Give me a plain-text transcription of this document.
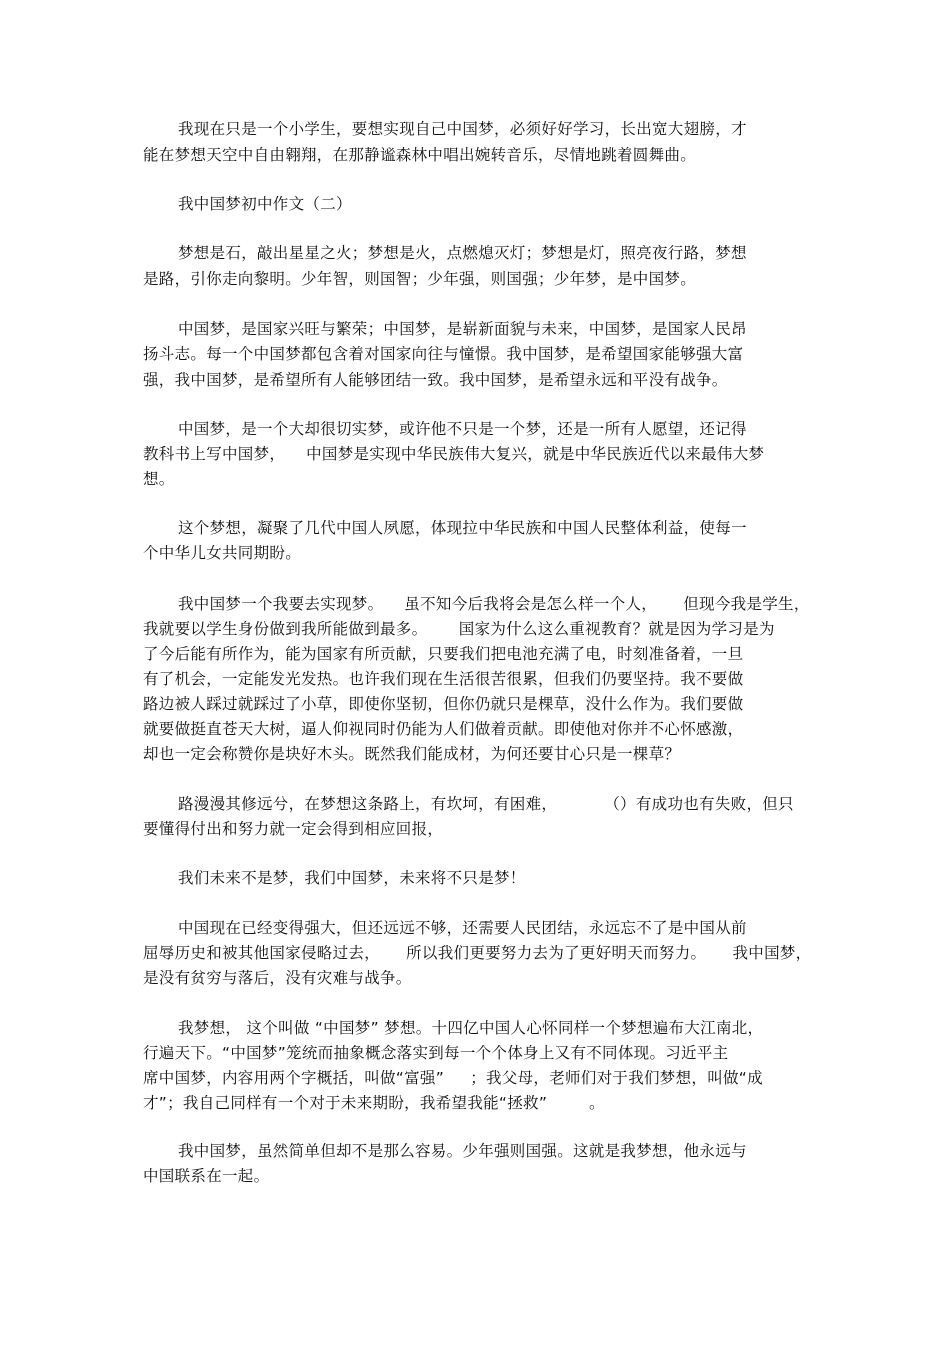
我现在只是一个小学生，要想实现自己中国梦，必须好好学习，长出宽大翅膀，才
能在梦想天空中自由翱翔，在那静谧森林中唱出婉转音乐，尽情地跳着圆舞曲。
我中国梦初中作文（二）
梦想是石，敲出星星之火；梦想是火，点燃熄灭灯；梦想是灯，照亮夜行路，梦想
是路，引你走向黎明。少年智，则国智；少年强，则国强；少年梦，是中国梦。
中国梦，是国家兴旺与繁荣；中国梦，是崭新面貌与未来，中国梦，是国家人民昂
扬斗志。每一个中国梦都包含着对国家向往与憧憬。我中国梦，是希望国家能够强大富
强，我中国梦，是希望所有人能够团结一致。我中国梦，是希望永远和平没有战争。
中国梦，是一个大却很切实梦，或许他不只是一个梦，还是一所有人愿望，还记得
教科书上写中国梦，    中国梦是实现中华民族伟大复兴，就是中华民族近代以来最伟大梦
想。
这个梦想，凝聚了几代中国人夙愿，体现拉中华民族和中国人民整体利益，使每一
个中华儿女共同期盼。
我中国梦一个我要去实现梦。    虽不知今后我将会是怎么样一个人，     但现今我是学生，
我就要以学生身份做到我所能做到最多。      国家为什么这么重视教育？就是因为学习是为
了今后能有所作为，能为国家有所贡献，只要我们把电池充满了电，时刻准备着，一旦
有了机会，一定能发光发热。也许我们现在生活很苦很累，但我们仍要坚持。我不要做
路边被人踩过就踩过了小草，即使你坚韧，但你仍就只是棵草，没什么作为。我们要做
就要做挺直苍天大树，逼人仰视同时仍能为人们做着贡献。即使他对你并不心怀感激，
却也一定会称赞你是块好木头。既然我们能成材，为何还要甘心只是一棵草？
路漫漫其修远兮，在梦想这条路上，有坎坷，有困难，         （）有成功也有失败，但只
要懂得付出和努力就一定会得到相应回报，
我们未来不是梦，我们中国梦，未来将不只是梦！
中国现在已经变得强大，但还远远不够，还需要人民团结，永远忘不了是中国从前
屈辱历史和被其他国家侵略过去，     所以我们更要努力去为了更好明天而努力。     我中国梦，
是没有贫穷与落后，没有灾难与战争。
我梦想， 这个叫做 “中国梦” 梦想。十四亿中国人心怀同样一个梦想遍布大江南北，
行遍天下。“中国梦”笼统而抽象概念落实到每一个个体身上又有不同体现。习近平主
席中国梦，内容用两个字概括，叫做“富强”     ；我父母，老师们对于我们梦想，叫做“成
才”；我自己同样有一个对于未来期盼，我希望我能“拯救”        。
我中国梦，虽然简单但却不是那么容易。少年强则国强。这就是我梦想，他永远与
中国联系在一起。
